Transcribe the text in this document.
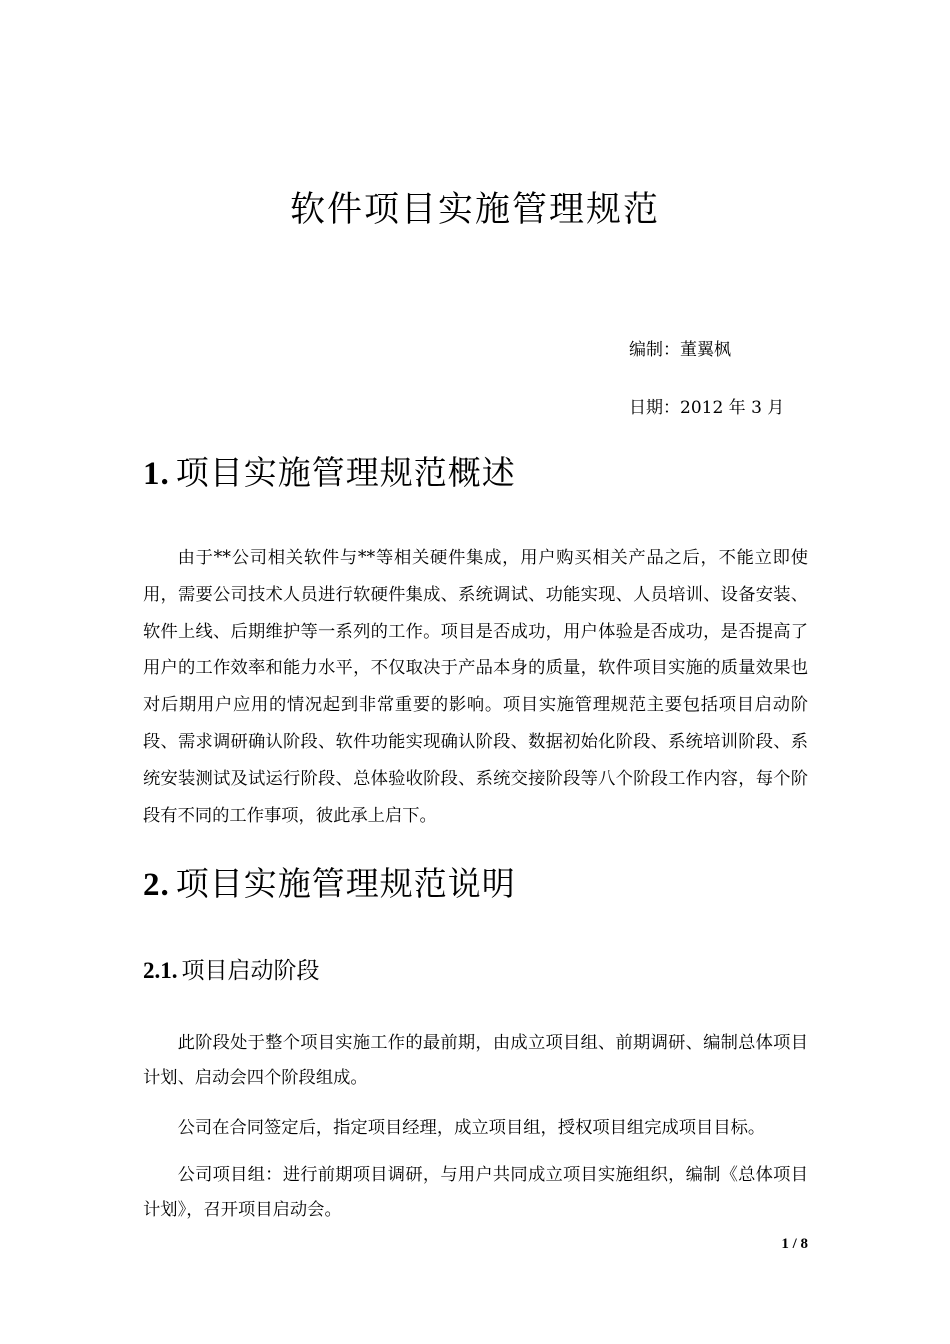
软件项目实施管理规范
编制：董翼枫
日期：2012 年 3 月
1. 项目实施管理规范概述
由于**公司相关软件与**等相关硬件集成，用户购买相关产品之后，不能立即使用，需要公司技术人员进行软硬件集成、系统调试、功能实现、人员培训、设备安装、软件上线、后期维护等一系列的工作。项目是否成功，用户体验是否成功，是否提高了用户的工作效率和能力水平，不仅取决于产品本身的质量，软件项目实施的质量效果也对后期用户应用的情况起到非常重要的影响。项目实施管理规范主要包括项目启动阶段、需求调研确认阶段、软件功能实现确认阶段、数据初始化阶段、系统培训阶段、系统安装测试及试运行阶段、总体验收阶段、系统交接阶段等八个阶段工作内容，每个阶段有不同的工作事项，彼此承上启下。
2. 项目实施管理规范说明
2.1. 项目启动阶段
此阶段处于整个项目实施工作的最前期，由成立项目组、前期调研、编制总体项目计划、启动会四个阶段组成。
公司在合同签定后，指定项目经理，成立项目组，授权项目组完成项目目标。
公司项目组：进行前期项目调研，与用户共同成立项目实施组织，编制《总体项目计划》，召开项目启动会。
1 / 8
